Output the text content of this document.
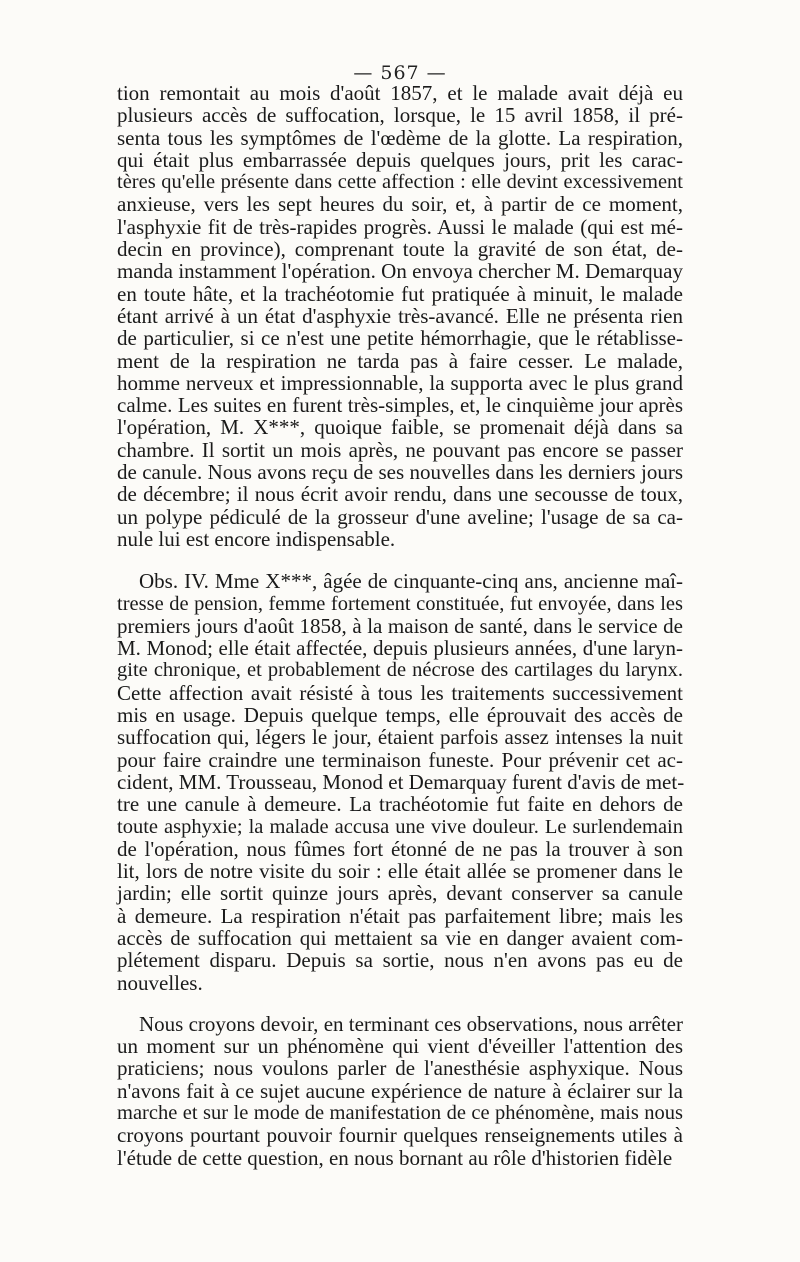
— 567 —
tion remontait au mois d'août 1857, et le malade avait déjà eu
plusieurs accès de suffocation, lorsque, le 15 avril 1858, il pré-
senta tous les symptômes de l'œdème de la glotte. La respiration,
qui était plus embarrassée depuis quelques jours, prit les carac-
tères qu'elle présente dans cette affection : elle devint excessivement
anxieuse, vers les sept heures du soir, et, à partir de ce moment,
l'asphyxie fit de très-rapides progrès. Aussi le malade (qui est mé-
decin en province), comprenant toute la gravité de son état, de-
manda instamment l'opération. On envoya chercher M. Demarquay
en toute hâte, et la trachéotomie fut pratiquée à minuit, le malade
étant arrivé à un état d'asphyxie très-avancé. Elle ne présenta rien
de particulier, si ce n'est une petite hémorrhagie, que le rétablisse-
ment de la respiration ne tarda pas à faire cesser. Le malade,
homme nerveux et impressionnable, la supporta avec le plus grand
calme. Les suites en furent très-simples, et, le cinquième jour après
l'opération, M. X***, quoique faible, se promenait déjà dans sa
chambre. Il sortit un mois après, ne pouvant pas encore se passer
de canule. Nous avons reçu de ses nouvelles dans les derniers jours
de décembre; il nous écrit avoir rendu, dans une secousse de toux,
un polype pédiculé de la grosseur d'une aveline; l'usage de sa ca-
nule lui est encore indispensable.
Obs. IV. Mme X***, âgée de cinquante-cinq ans, ancienne maî-
tresse de pension, femme fortement constituée, fut envoyée, dans les
premiers jours d'août 1858, à la maison de santé, dans le service de
M. Monod; elle était affectée, depuis plusieurs années, d'une laryn-
gite chronique, et probablement de nécrose des cartilages du larynx.
Cette affection avait résisté à tous les traitements successivement
mis en usage. Depuis quelque temps, elle éprouvait des accès de
suffocation qui, légers le jour, étaient parfois assez intenses la nuit
pour faire craindre une terminaison funeste. Pour prévenir cet ac-
cident, MM. Trousseau, Monod et Demarquay furent d'avis de met-
tre une canule à demeure. La trachéotomie fut faite en dehors de
toute asphyxie; la malade accusa une vive douleur. Le surlendemain
de l'opération, nous fûmes fort étonné de ne pas la trouver à son
lit, lors de notre visite du soir : elle était allée se promener dans le
jardin; elle sortit quinze jours après, devant conserver sa canule
à demeure. La respiration n'était pas parfaitement libre; mais les
accès de suffocation qui mettaient sa vie en danger avaient com-
plétement disparu. Depuis sa sortie, nous n'en avons pas eu de
nouvelles.
Nous croyons devoir, en terminant ces observations, nous arrêter
un moment sur un phénomène qui vient d'éveiller l'attention des
praticiens; nous voulons parler de l'anesthésie asphyxique. Nous
n'avons fait à ce sujet aucune expérience de nature à éclairer sur la
marche et sur le mode de manifestation de ce phénomène, mais nous
croyons pourtant pouvoir fournir quelques renseignements utiles à
l'étude de cette question, en nous bornant au rôle d'historien fidèle
